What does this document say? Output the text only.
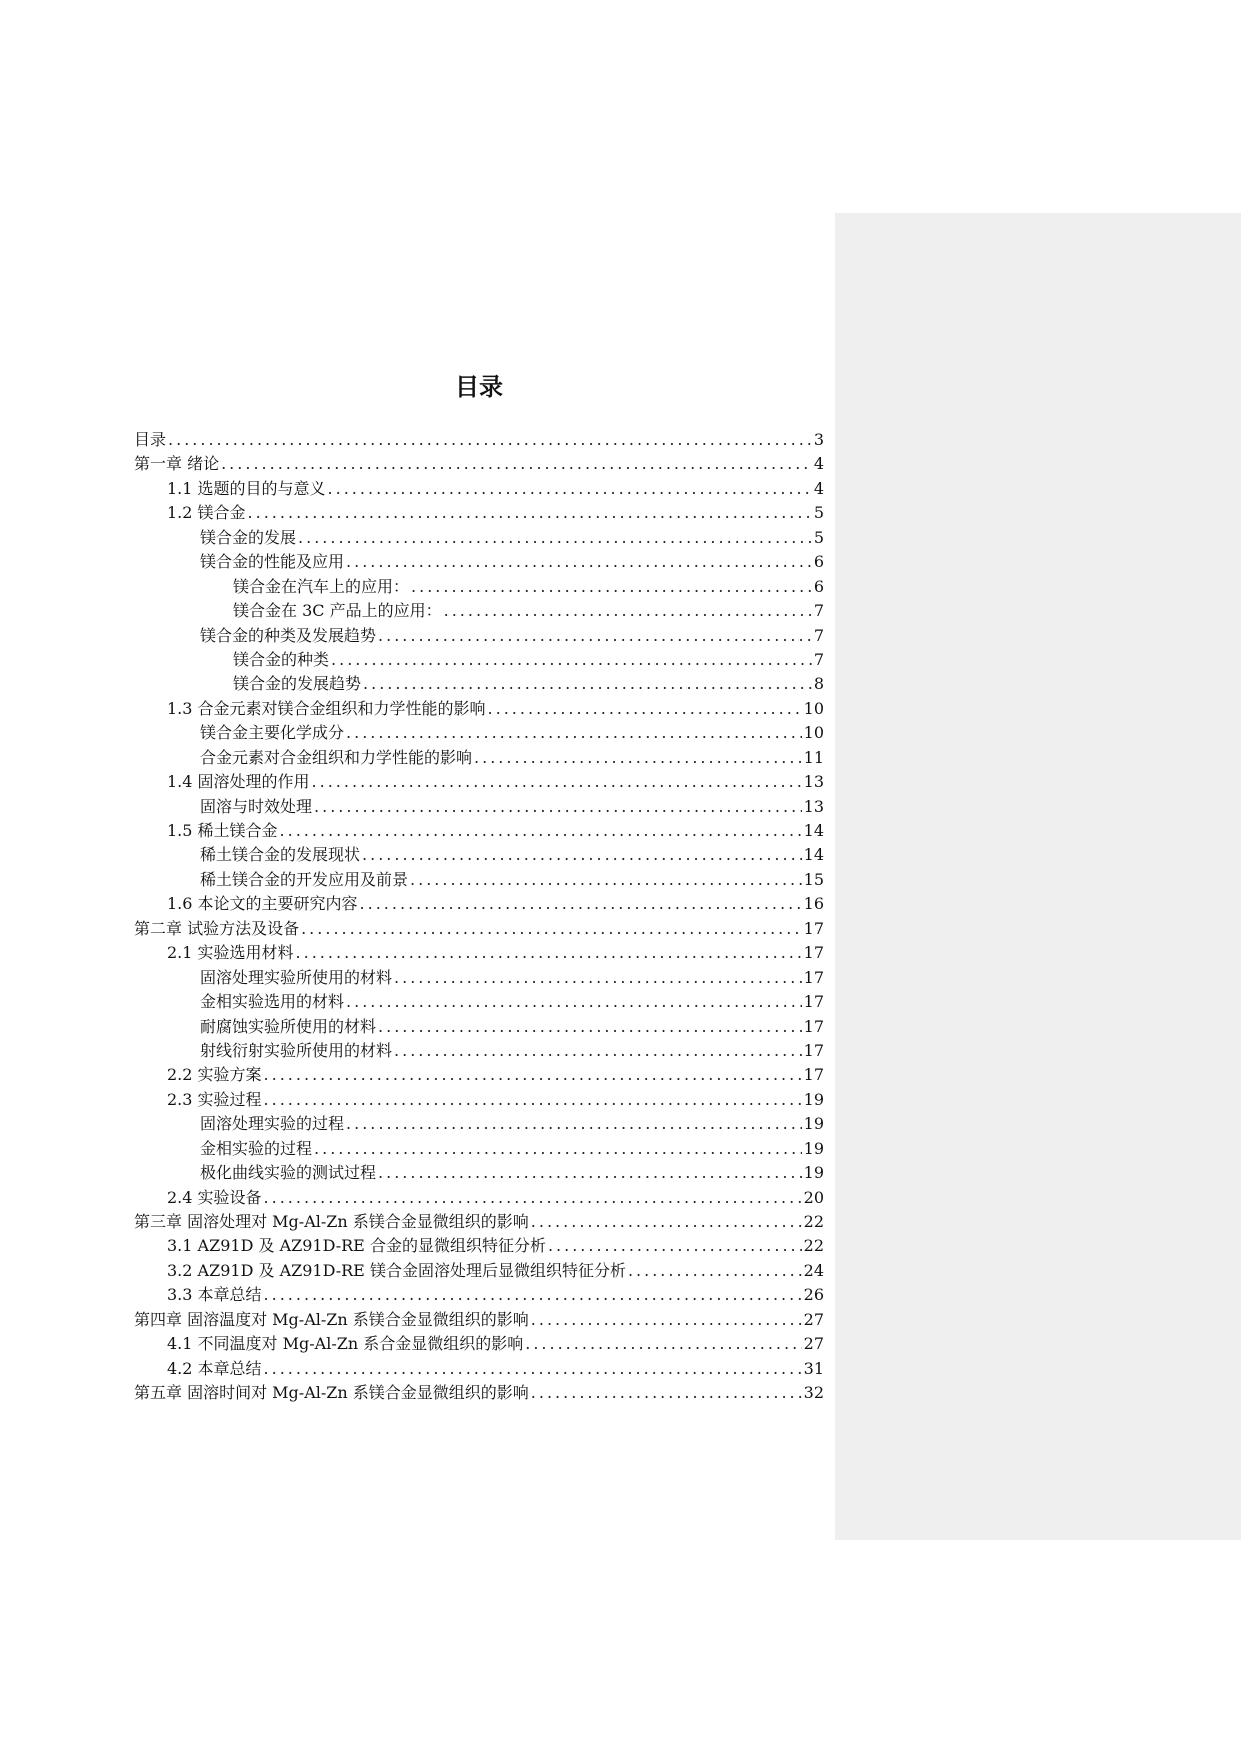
目录
目录 .....	3
第一章 绪论 .....	4
1.1 选题的目的与意义 .....	4
1.2 镁合金 .....	5
镁合金的发展 .....	5
镁合金的性能及应用 .....	6
镁合金在汽车上的应用： .....	6
镁合金在 3C 产品上的应用： .....	7
镁合金的种类及发展趋势 .....	7
镁合金的种类 .....	7
镁合金的发展趋势 .....	8
1.3 合金元素对镁合金组织和力学性能的影响 .....	10
镁合金主要化学成分 .....	10
合金元素对合金组织和力学性能的影响 .....	11
1.4 固溶处理的作用 .....	13
固溶与时效处理 .....	13
1.5 稀土镁合金 .....	14
稀土镁合金的发展现状 .....	14
稀土镁合金的开发应用及前景 .....	15
1.6 本论文的主要研究内容 .....	16
第二章 试验方法及设备 .....	17
2.1 实验选用材料 .....	17
固溶处理实验所使用的材料 .....	17
金相实验选用的材料 .....	17
耐腐蚀实验所使用的材料 .....	17
射线衍射实验所使用的材料 .....	17
2.2 实验方案 .....	17
2.3 实验过程 .....	19
固溶处理实验的过程 .....	19
金相实验的过程 .....	19
极化曲线实验的测试过程 .....	19
2.4 实验设备 .....	20
第三章 固溶处理对 Mg-Al-Zn 系镁合金显微组织的影响 .....	22
3.1 AZ91D 及 AZ91D-RE 合金的显微组织特征分析 .....	22
3.2 AZ91D 及 AZ91D-RE 镁合金固溶处理后显微组织特征分析 .....	24
3.3 本章总结 .....	26
第四章 固溶温度对 Mg-Al-Zn 系镁合金显微组织的影响 .....	27
4.1 不同温度对 Mg-Al-Zn 系合金显微组织的影响 .....	27
4.2 本章总结 .....	31
第五章 固溶时间对 Mg-Al-Zn 系镁合金显微组织的影响 .....	32
